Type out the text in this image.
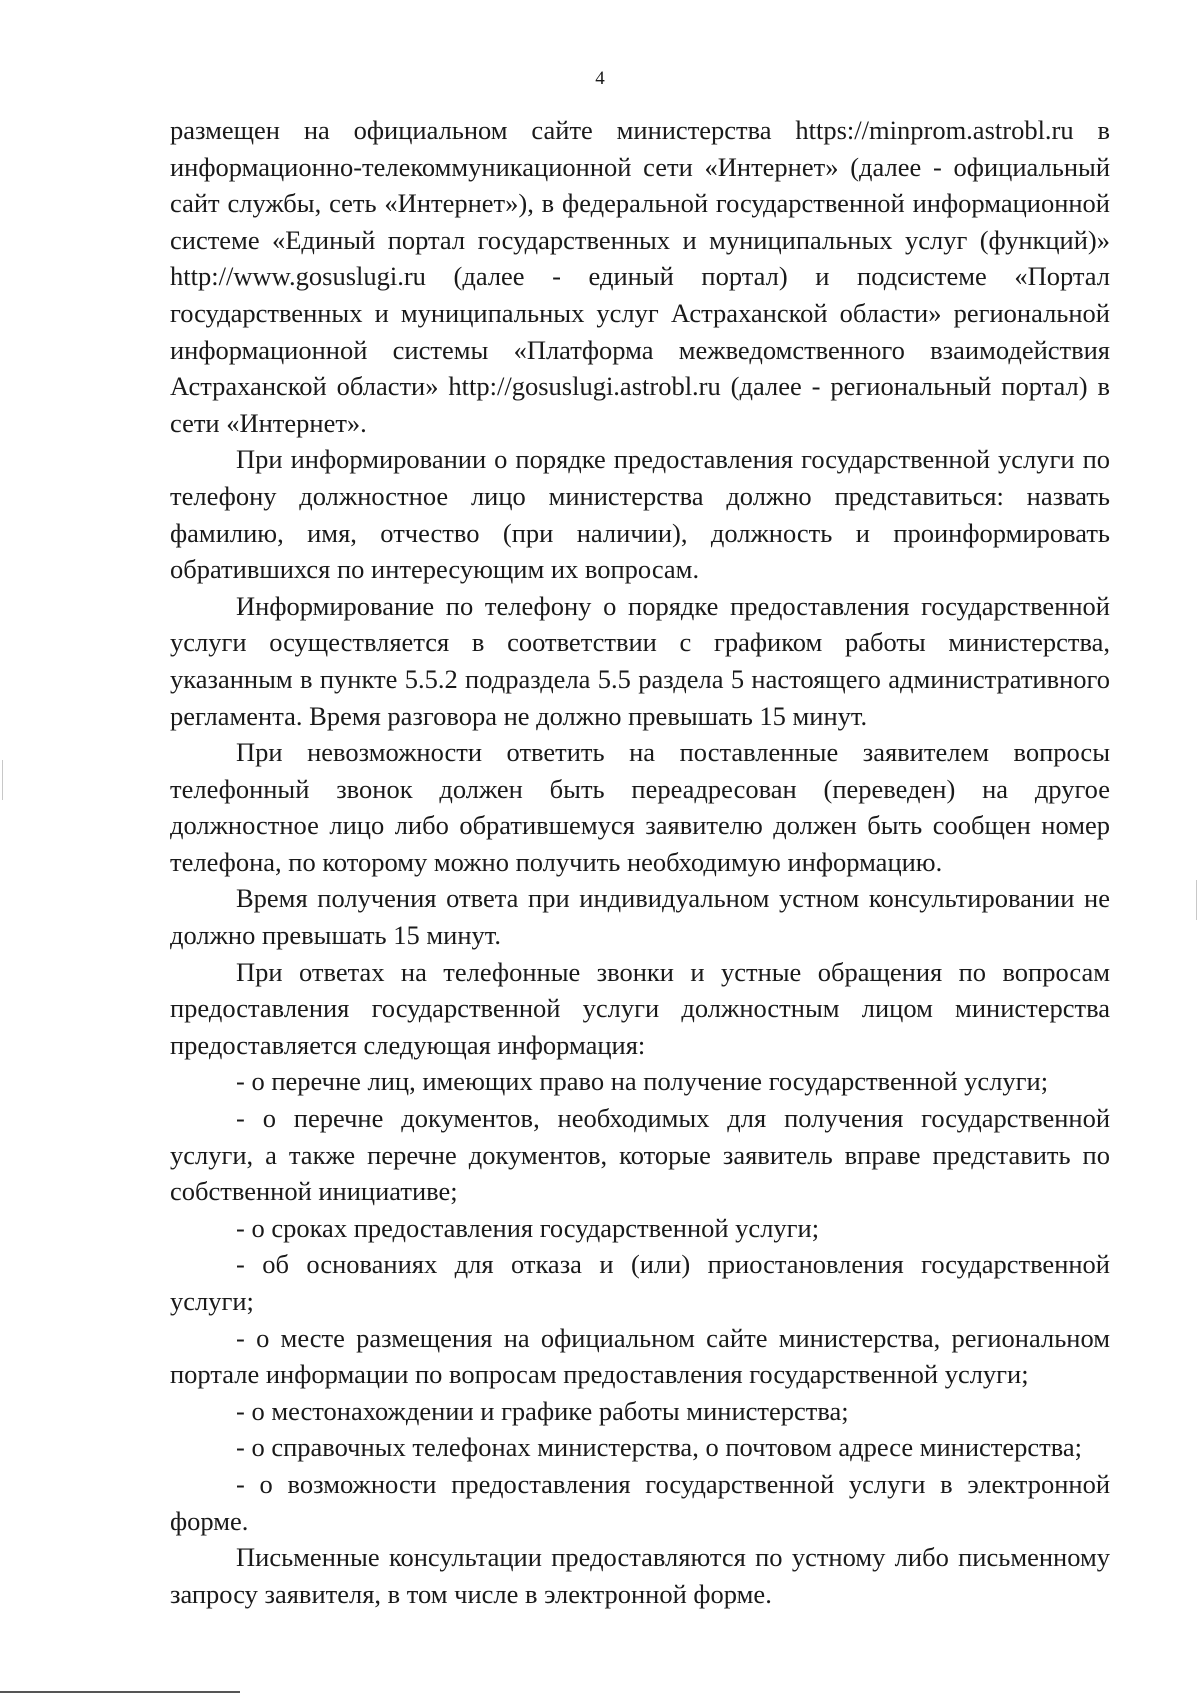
4

размещен на официальном сайте министерства https://minprom.astrobl.ru в информационно-телекоммуникационной сети «Интернет» (далее - официальный сайт службы, сеть «Интернет»), в федеральной государственной информационной системе «Единый портал государственных и муниципальных услуг (функций)» http://www.gosuslugi.ru (далее - единый портал) и подсистеме «Портал государственных и муниципальных услуг Астраханской области» региональной информационной системы «Платформа межведомственного взаимодействия Астраханской области» http://gosuslugi.astrobl.ru (далее - региональный портал) в сети «Интернет».

При информировании о порядке предоставления государственной услуги по телефону должностное лицо министерства должно представиться: назвать фамилию, имя, отчество (при наличии), должность и проинформировать обратившихся по интересующим их вопросам.

Информирование по телефону о порядке предоставления государственной услуги осуществляется в соответствии с графиком работы министерства, указанным в пункте 5.5.2 подраздела 5.5 раздела 5 настоящего административного регламента. Время разговора не должно превышать 15 минут.

При невозможности ответить на поставленные заявителем вопросы телефонный звонок должен быть переадресован (переведен) на другое должностное лицо либо обратившемуся заявителю должен быть сообщен номер телефона, по которому можно получить необходимую информацию.

Время получения ответа при индивидуальном устном консультировании не должно превышать 15 минут.

При ответах на телефонные звонки и устные обращения по вопросам предоставления государственной услуги должностным лицом министерства предоставляется следующая информация:

- о перечне лиц, имеющих право на получение государственной услуги;

- о перечне документов, необходимых для получения государственной услуги, а также перечне документов, которые заявитель вправе представить по собственной инициативе;

- о сроках предоставления государственной услуги;

- об основаниях для отказа и (или) приостановления государственной услуги;

- о месте размещения на официальном сайте министерства, региональном портале информации по вопросам предоставления государственной услуги;

- о местонахождении и графике работы министерства;

- о справочных телефонах министерства, о почтовом адресе министерства;

- о возможности предоставления государственной услуги в электронной форме.

Письменные консультации предоставляются по устному либо письменному запросу заявителя, в том числе в электронной форме.
